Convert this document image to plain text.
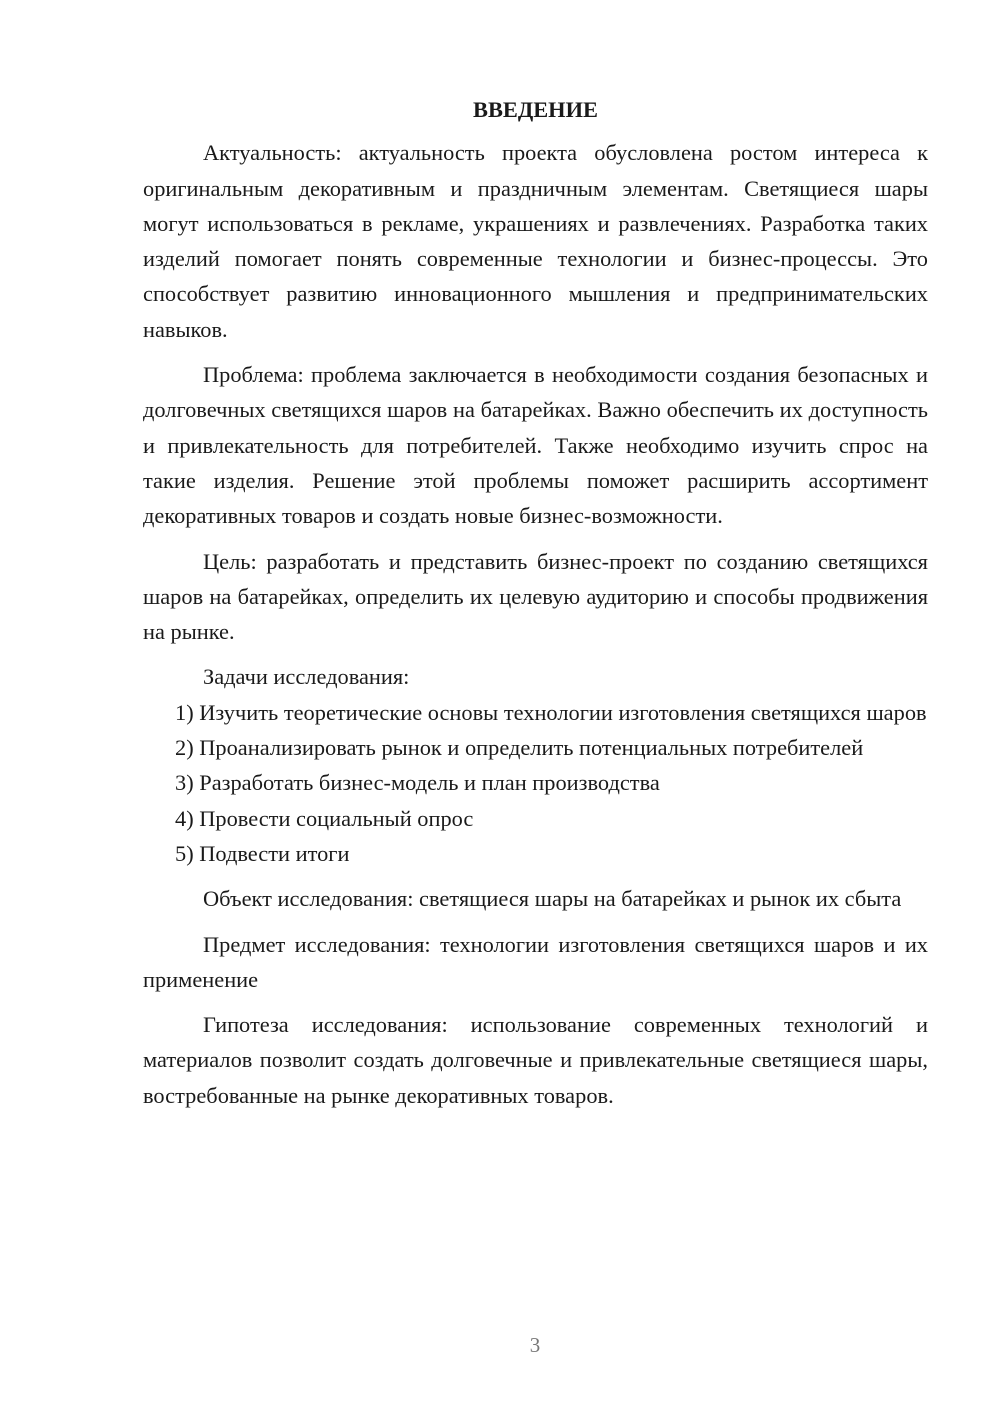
ВВЕДЕНИЕ

Актуальность: актуальность проекта обусловлена ростом интереса к оригинальным декоративным и праздничным элементам. Светящиеся шары могут использоваться в рекламе, украшениях и развлечениях. Разработка таких изделий помогает понять современные технологии и бизнес-процессы. Это способствует развитию инновационного мышления и предпринимательских навыков.

Проблема: проблема заключается в необходимости создания безопасных и долговечных светящихся шаров на батарейках. Важно обеспечить их доступность и привлекательность для потребителей. Также необходимо изучить спрос на такие изделия. Решение этой проблемы поможет расширить ассортимент декоративных товаров и создать новые бизнес-возможности.

Цель: разработать и представить бизнес-проект по созданию светящихся шаров на батарейках, определить их целевую аудиторию и способы продвижения на рынке.

Задачи исследования:

1) Изучить теоретические основы технологии изготовления светящихся шаров

2) Проанализировать рынок и определить потенциальных потребителей

3) Разработать бизнес-модель и план производства

4) Провести социальный опрос

5) Подвести итоги

Объект исследования: светящиеся шары на батарейках и рынок их сбыта

Предмет исследования: технологии изготовления светящихся шаров и их применение

Гипотеза исследования: использование современных технологий и материалов позволит создать долговечные и привлекательные светящиеся шары, востребованные на рынке декоративных товаров.

3
